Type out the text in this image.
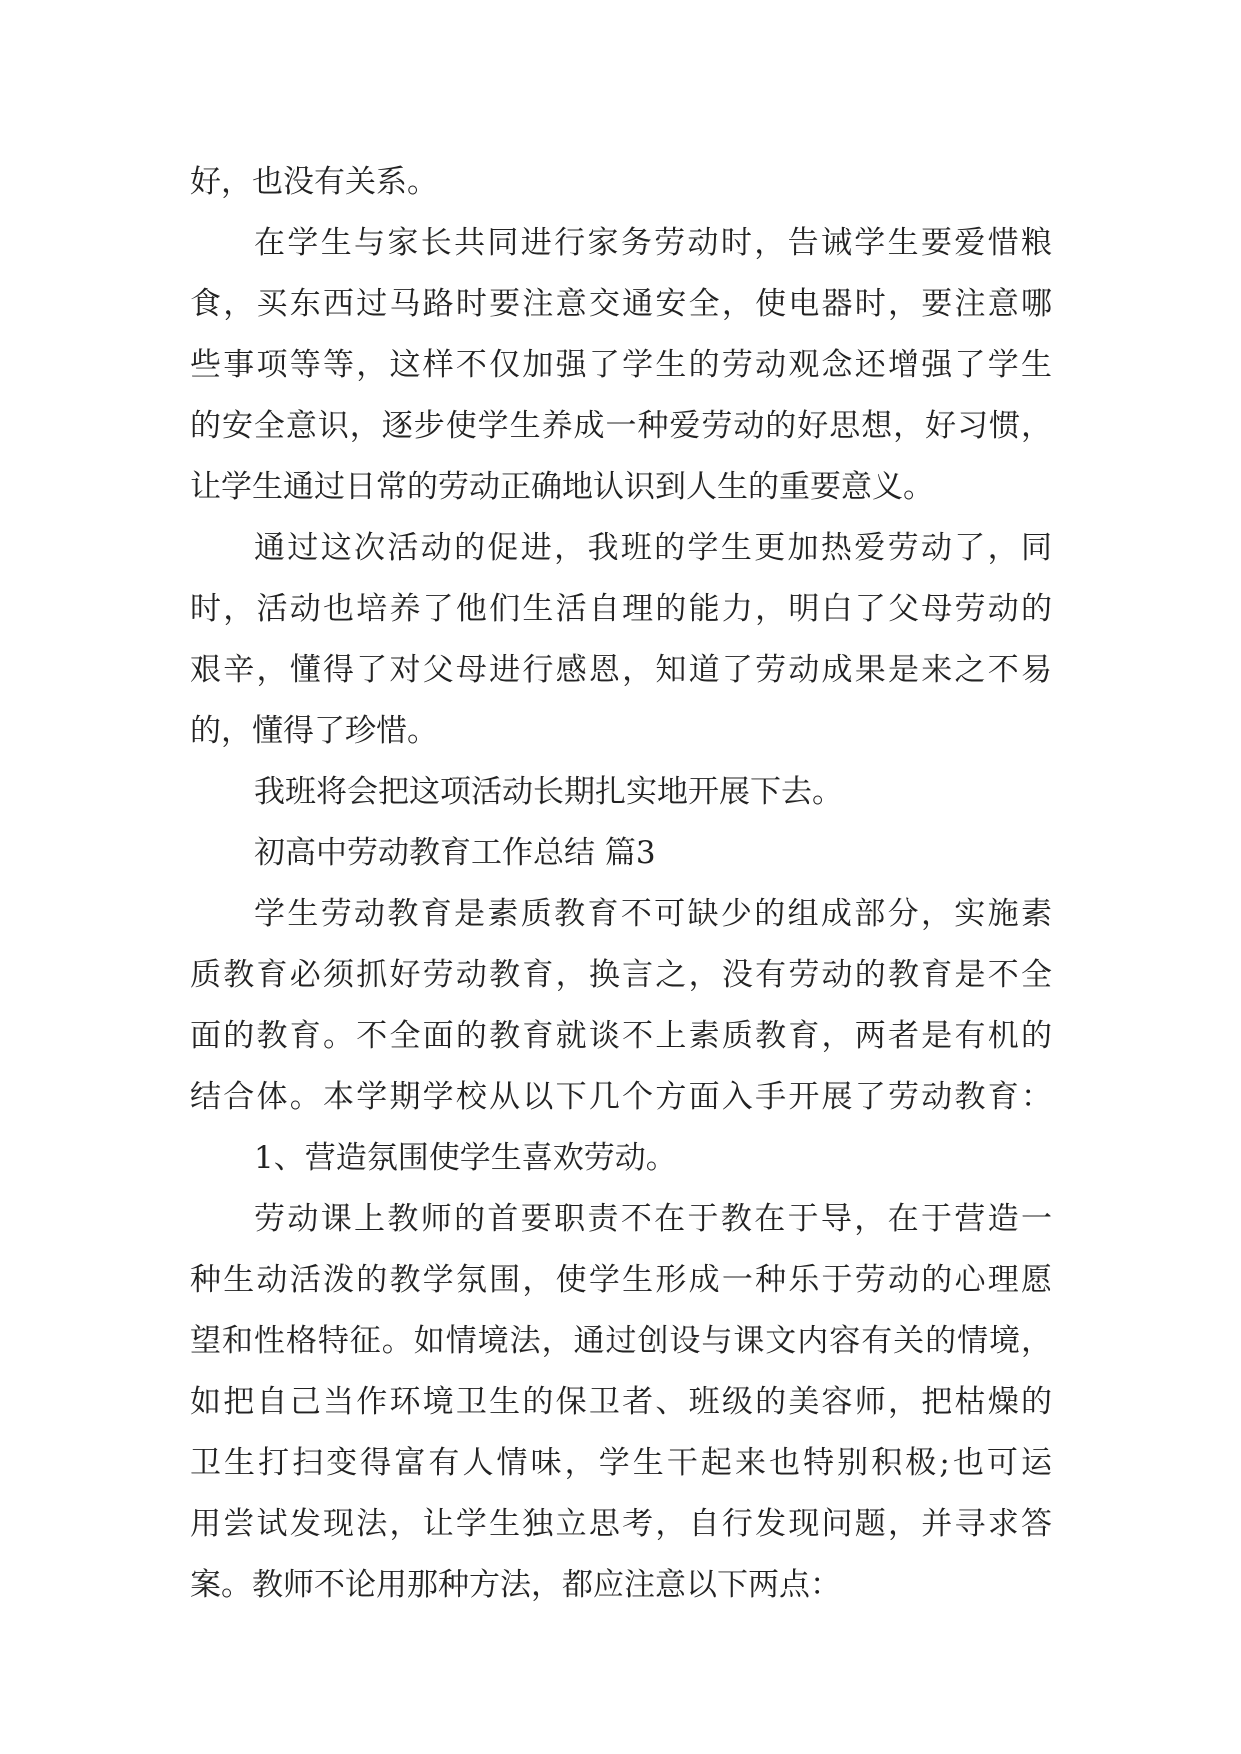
好，也没有关系。
在学生与家长共同进行家务劳动时，告诫学生要爱惜粮
食，买东西过马路时要注意交通安全，使电器时，要注意哪
些事项等等，这样不仅加强了学生的劳动观念还增强了学生
的安全意识，逐步使学生养成一种爱劳动的好思想，好习惯，
让学生通过日常的劳动正确地认识到人生的重要意义。
通过这次活动的促进，我班的学生更加热爱劳动了，同
时，活动也培养了他们生活自理的能力，明白了父母劳动的
艰辛，懂得了对父母进行感恩，知道了劳动成果是来之不易
的，懂得了珍惜。
我班将会把这项活动长期扎实地开展下去。
初高中劳动教育工作总结 篇3
学生劳动教育是素质教育不可缺少的组成部分，实施素
质教育必须抓好劳动教育，换言之，没有劳动的教育是不全
面的教育。不全面的教育就谈不上素质教育，两者是有机的
结合体。本学期学校从以下几个方面入手开展了劳动教育：
1、营造氛围使学生喜欢劳动。
劳动课上教师的首要职责不在于教在于导，在于营造一
种生动活泼的教学氛围，使学生形成一种乐于劳动的心理愿
望和性格特征。如情境法，通过创设与课文内容有关的情境，
如把自己当作环境卫生的保卫者、班级的美容师，把枯燥的
卫生打扫变得富有人情味，学生干起来也特别积极;也可运
用尝试发现法，让学生独立思考，自行发现问题，并寻求答
案。教师不论用那种方法，都应注意以下两点：
